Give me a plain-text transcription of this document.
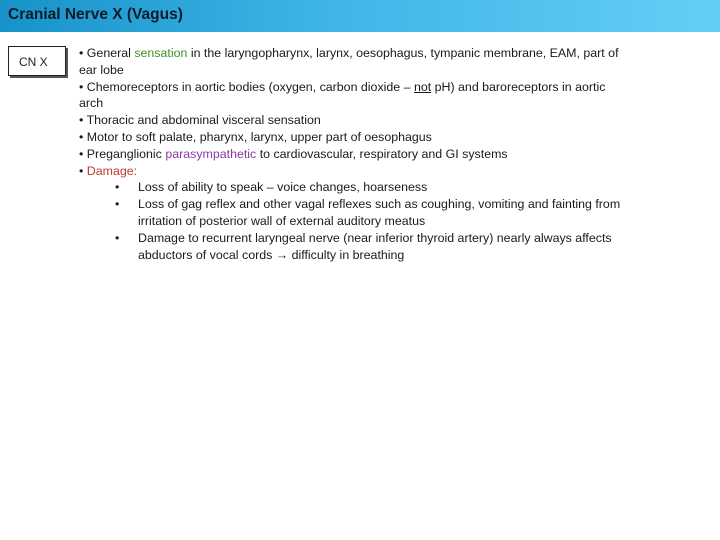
Cranial Nerve X (Vagus)
CN X
• General sensation in the laryngopharynx, larynx, oesophagus, tympanic membrane, EAM, part of
ear lobe
• Chemoreceptors in aortic bodies (oxygen, carbon dioxide – not pH) and baroreceptors in aortic
arch
• Thoracic and abdominal visceral sensation
• Motor to soft palate, pharynx, larynx, upper part of oesophagus
• Preganglionic parasympathetic to cardiovascular, respiratory and GI systems
• Damage:
• Loss of ability to speak – voice changes, hoarseness
• Loss of gag reflex and other vagal reflexes such as coughing, vomiting and fainting from
irritation of posterior wall of external auditory meatus
• Damage to recurrent laryngeal nerve (near inferior thyroid artery) nearly always affects
abductors of vocal cords → difficulty in breathing
